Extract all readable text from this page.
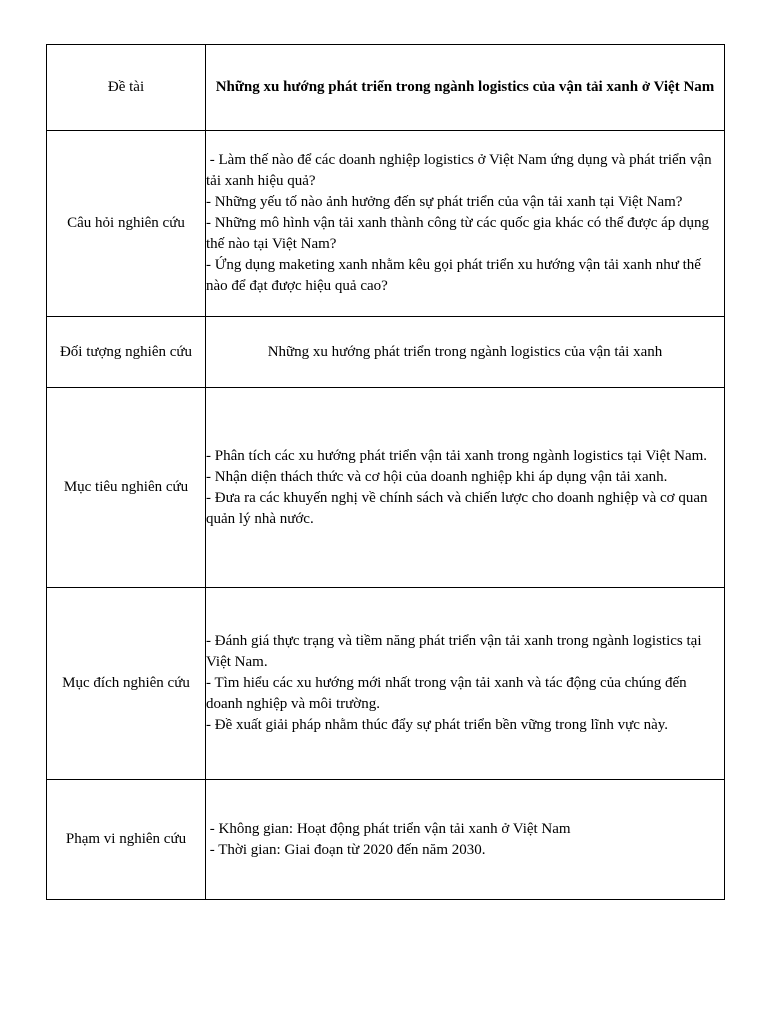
Đề tài	Những xu hướng phát triển trong ngành logistics của vận tải xanh ở Việt Nam
Câu hỏi nghiên cứu	- Làm thế nào để các doanh nghiệp logistics ở Việt Nam ứng dụng và phát triển vận tải xanh hiệu quả?
- Những yếu tố nào ảnh hưởng đến sự phát triển của vận tải xanh tại Việt Nam?
- Những mô hình vận tải xanh thành công từ các quốc gia khác có thể được áp dụng thế nào tại Việt Nam?
- Ứng dụng maketing xanh nhằm kêu gọi phát triển xu hướng vận tải xanh như thế nào để đạt được hiệu quả cao?

Đối tượng nghiên cứu	Những xu hướng phát triển trong ngành logistics của vận tải xanh
Mục tiêu nghiên cứu	- Phân tích các xu hướng phát triển vận tải xanh trong ngành logistics tại Việt Nam.
- Nhận diện thách thức và cơ hội của doanh nghiệp khi áp dụng vận tải xanh.
- Đưa ra các khuyến nghị về chính sách và chiến lược cho doanh nghiệp và cơ quan quản lý nhà nước.

Mục đích nghiên cứu	- Đánh giá thực trạng và tiềm năng phát triển vận tải xanh trong ngành logistics tại Việt Nam.
- Tìm hiểu các xu hướng mới nhất trong vận tải xanh và tác động của chúng đến doanh nghiệp và môi trường.
- Đề xuất giải pháp nhằm thúc đẩy sự phát triển bền vững trong lĩnh vực này.

Phạm vi nghiên cứu	- Không gian: Hoạt động phát triển vận tải xanh ở Việt Nam
- Thời gian: Giai đoạn từ 2020 đến năm 2030.
